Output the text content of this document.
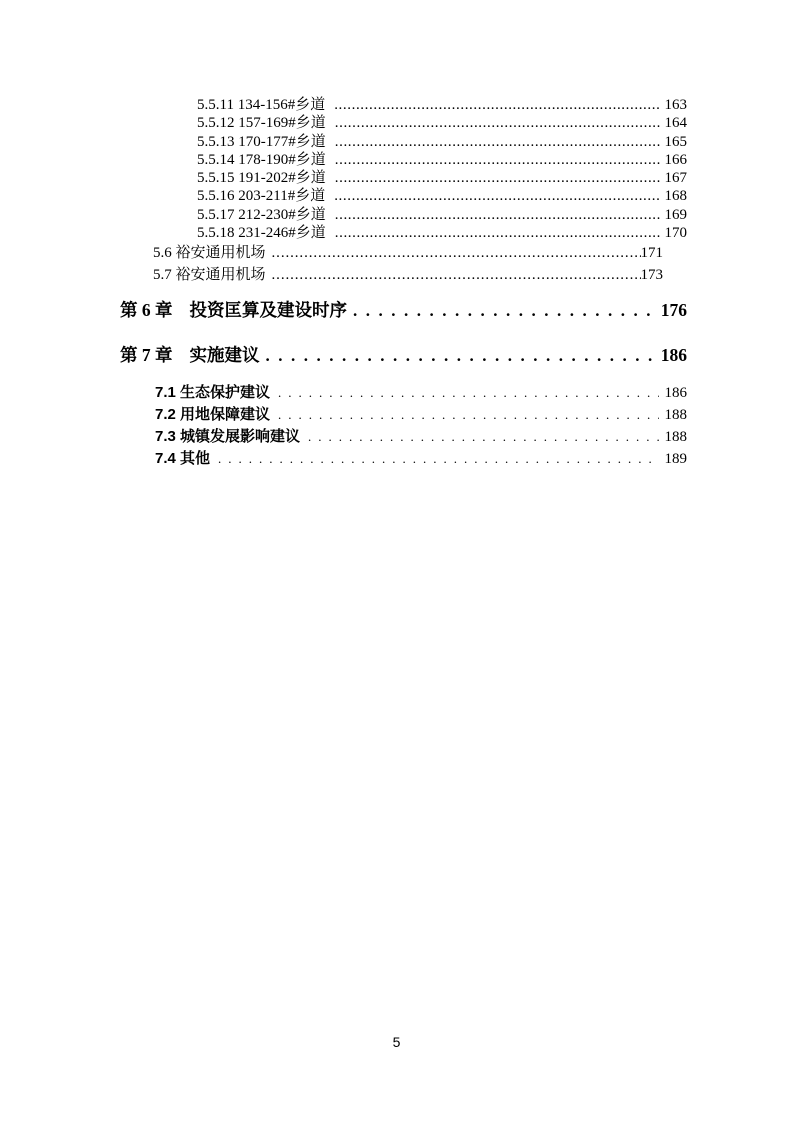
5.5.11 134-156#乡道 .....	163
5.5.12 157-169#乡道 .....	164
5.5.13 170-177#乡道 .....	165
5.5.14 178-190#乡道 .....	166
5.5.15 191-202#乡道 .....	167
5.5.16 203-211#乡道 .....	168
5.5.17 212-230#乡道 .....	169
5.5.18 231-246#乡道 .....	170
5.6 裕安通用机场 .....	171
5.7 裕安通用机场 .....	173
第 6 章 投资匡算及建设时序 .....	176
第 7 章 实施建议 .....	186
7.1 生态保护建议 .....	186
7.2 用地保障建议 .....	188
7.3 城镇发展影响建议 .....	188
7.4 其他 .....	189
5
